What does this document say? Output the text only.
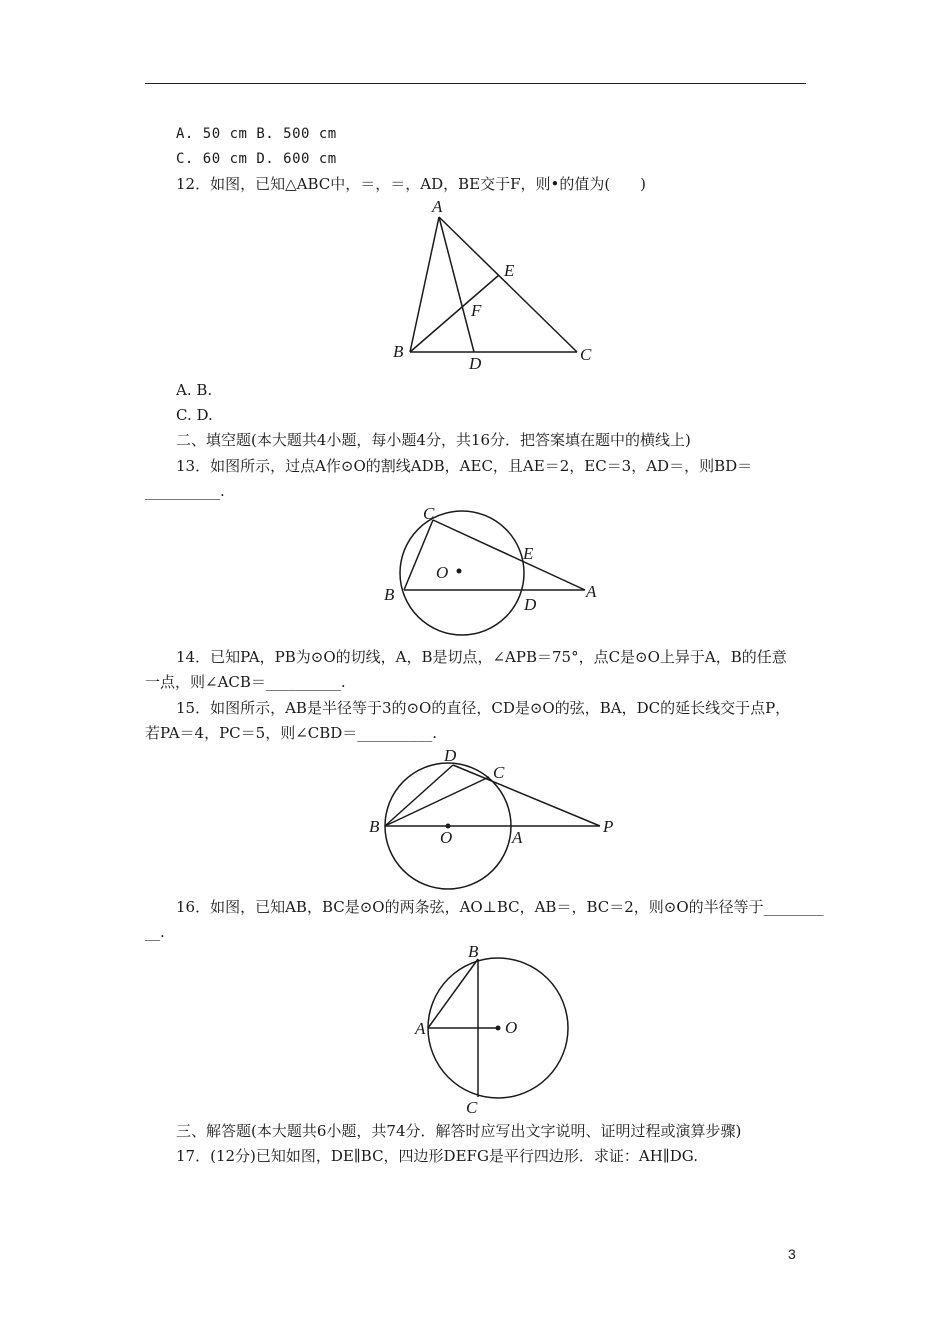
A. 50 cm B. 500 cm
C. 60 cm D. 600 cm
12．如图，已知△ABC中，＝，＝，AD，BE交于F，则•的值为(　　)
A
B	C
D
E
F
A. B.
C. D.
二、填空题(本大题共4小题，每小题4分，共16分．把答案填在题中的横线上)
13．如图所示，过点A作⊙O的割线ADB，AEC，且AE＝2，EC＝3，AD＝，则BD＝
__________.
C
E
O
B
D
A
14．已知PA，PB为⊙O的切线，A，B是切点，∠APB＝75°，点C是⊙O上异于A，B的任意
一点，则∠ACB＝__________.
15．如图所示，AB是半径等于3的⊙O的直径，CD是⊙O的弦，BA，DC的延长线交于点P，
若PA＝4，PC＝5，则∠CBD＝__________.
D
C
B
O	A
P
16．如图，已知AB，BC是⊙O的两条弦，AO⊥BC，AB＝，BC＝2，则⊙O的半径等于________
__.
B
A	O
C
三、解答题(本大题共6小题，共74分．解答时应写出文字说明、证明过程或演算步骤)
17．(12分)已知如图，DE∥BC，四边形DEFG是平行四边形．求证：AH∥DG.
3
